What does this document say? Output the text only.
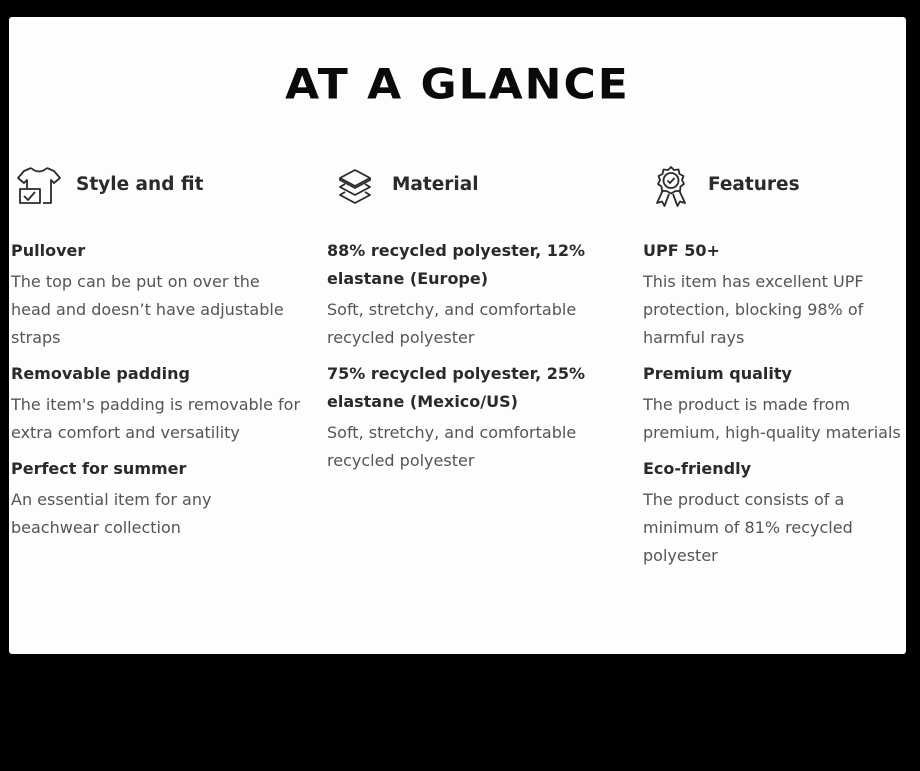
AT A GLANCE
Style and fit
Pullover
The top can be put on over the head and doesn’t have adjustable straps
Removable padding
The item's padding is removable for extra comfort and versatility
Perfect for summer
An essential item for any beachwear collection
Material
88% recycled polyester, 12% elastane (Europe)
Soft, stretchy, and comfortable recycled polyester
75% recycled polyester, 25% elastane (Mexico/US)
Soft, stretchy, and comfortable recycled polyester
Features
UPF 50+
This item has excellent UPF protection, blocking 98% of harmful rays
Premium quality
The product is made from premium, high-quality materials
Eco-friendly
The product consists of a minimum of 81% recycled polyester
